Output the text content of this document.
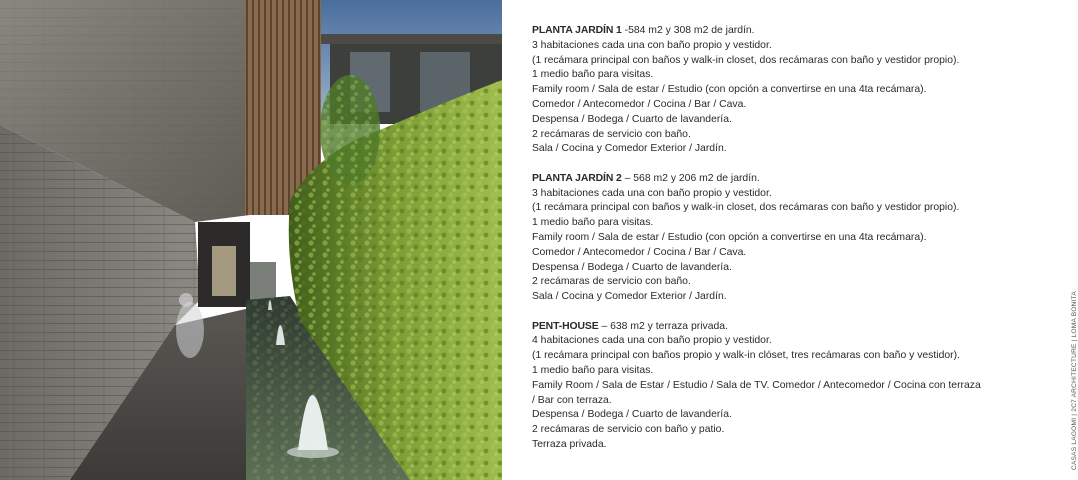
PLANTA JARDÍN 1 -584 m2 y 308 m2 de jardín.
3 habitaciones cada una con baño propio y vestidor.
(1 recámara principal con baños y walk-in closet, dos recámaras con baño y vestidor propio).
1 medio baño para visitas.
Family room / Sala de estar / Estudio (con opción a convertirse en una 4ta recámara).
Comedor / Antecomedor / Cocina / Bar / Cava.
Despensa / Bodega / Cuarto de lavandería.
2 recámaras de servicio con baño.
Sala / Cocina y Comedor Exterior / Jardín.
PLANTA JARDÍN 2 – 568 m2 y 206 m2 de jardín.
3 habitaciones cada una con baño propio y vestidor.
(1 recámara principal con baños y walk-in closet, dos recámaras con baño y vestidor propio).
1 medio baño para visitas.
Family room / Sala de estar / Estudio (con opción a convertirse en una 4ta recámara).
Comedor / Antecomedor / Cocina / Bar / Cava.
Despensa / Bodega / Cuarto de lavandería.
2 recámaras de servicio con baño.
Sala / Cocina y Comedor Exterior / Jardín.
PENT-HOUSE – 638 m2 y terraza privada.
4 habitaciones cada una con baño propio y vestidor.
(1 recámara principal con baños propio y walk-in clóset, tres recámaras con baño y vestidor).
1 medio baño para visitas.
Family Room / Sala de Estar / Estudio / Sala de TV. Comedor / Antecomedor / Cocina con terraza
/ Bar con terraza.
Despensa / Bodega / Cuarto de lavandería.
2 recámaras de servicio con baño y patio.
Terraza privada.	CASAS LAGOMI | 2C7 ARCHITECTURE | LOMA BONITA
